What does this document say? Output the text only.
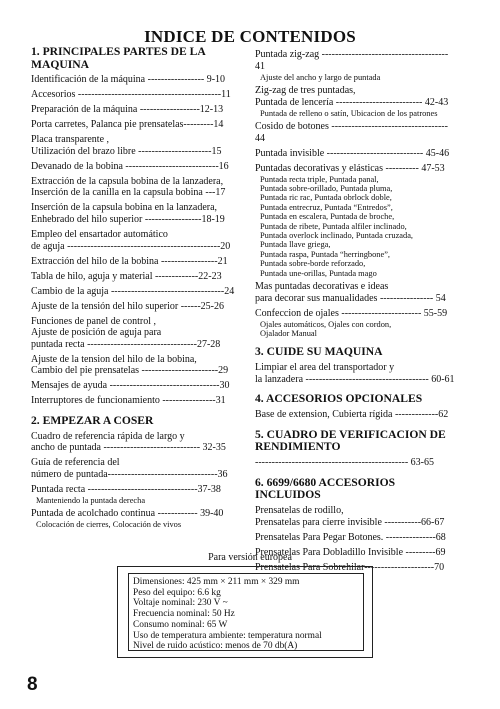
INDICE DE CONTENIDOS
1. PRINCIPALES PARTES DE LA
MAQUINA
Identificación de la máquina ----------------- 9-10
Accesorios -------------------------------------------11
Preparación de la máquina ------------------12-13
Porta carretes, Palanca pie prensatelas---------14
Placa transparente ,
Utilización del brazo libre ----------------------15
Devanado de la bobina ----------------------------16
Extracción de la capsula bobina de la lanzadera,
Inserción de la canilla en la capsula bobina ---17
Inserción de la capsula bobina en la lanzadera,
Enhebrado del hilo superior -----------------18-19
Empleo del ensartador automático
de aguja ----------------------------------------------20
Extracción del hilo de la bobina -----------------21
Tabla de hilo, aguja y material -------------22-23
Cambio de la aguja ----------------------------------24
Ajuste de la tensión del hilo superior ------25-26
Funciones de panel de control ,
Ajuste de posición de aguja para
puntada recta ---------------------------------27-28
Ajuste de la tension del hilo de la bobina,
Cambio del pie prensatelas -----------------------29
Mensajes de ayuda ---------------------------------30
Interruptores de funcionamiento ----------------31
2. EMPEZAR A COSER
Cuadro de referencia rápida de largo y
ancho de puntada ----------------------------- 32-35
Guía de referencia del
número de puntada---------------------------------36
Puntada recta ---------------------------------37-38
Manteniendo la puntada derecha
Puntada de acolchado continua ------------ 39-40
Colocación de cierres, Colocación de vivos
Puntada zig-zag -------------------------------------- 41
Ajuste del ancho y largo de puntada
Zig-zag de tres puntadas,
Puntada de lencería -------------------------- 42-43
Puntada de relleno o satín, Ubicacion de los patrones
Cosido de botones ----------------------------------- 44
Puntada invisible ----------------------------- 45-46
Puntadas decorativas y elásticas ---------- 47-53
Puntada recta triple, Puntada panal,
Puntada sobre-orillado, Puntada pluma,
Puntada ric rac, Puntada obrlock doble,
Puntada entrecruz, Puntada “Entredos”,
Puntada en escalera, Puntada de broche,
Puntada de ribete, Puntada alfiler inclinado,
Puntada overlock inclinado, Puntada cruzada,
Puntada llave griega,
Puntada raspa, Puntada “herringbone”,
Puntada sobre-borde reforzado,
Puntada une-orillas, Puntada mago
Mas puntadas decorativas e ideas
para decorar sus manualidades ---------------- 54
Confeccion de ojales ------------------------ 55-59
Ojales automáticos, Ojales con cordon,
Ojalador Manual
3. CUIDE SU MAQUINA
Limpiar el area del transportador y
la lanzadera ------------------------------------- 60-61
4. ACCESORIOS OPCIONALES
Base de extension, Cubierta rígida -------------62
5. CUADRO DE VERIFICACION DE
RENDIMIENTO
---------------------------------------------- 63-65
6. 6699/6680 ACCESORIOS INCLUIDOS
Prensatelas de rodillo,
Prensatelas para cierre invisible -----------66-67
Prensatelas Para Pegar Botones. ---------------68
Prensatelas Para Dobladillo Invisible ---------69
Prensatelas Para Sobrehilar---------------------70
Para versión europea
Dimensiones: 425 mm × 211 mm × 329 mm
Peso del equipo: 6.6 kg
Voltaje nominal: 230 V ~
Frecuencia nominal: 50 Hz
Consumo nominal: 65 W
Uso de temperatura ambiente: temperatura normal
Nivel de ruido acústico: menos de 70 db(A)
8
